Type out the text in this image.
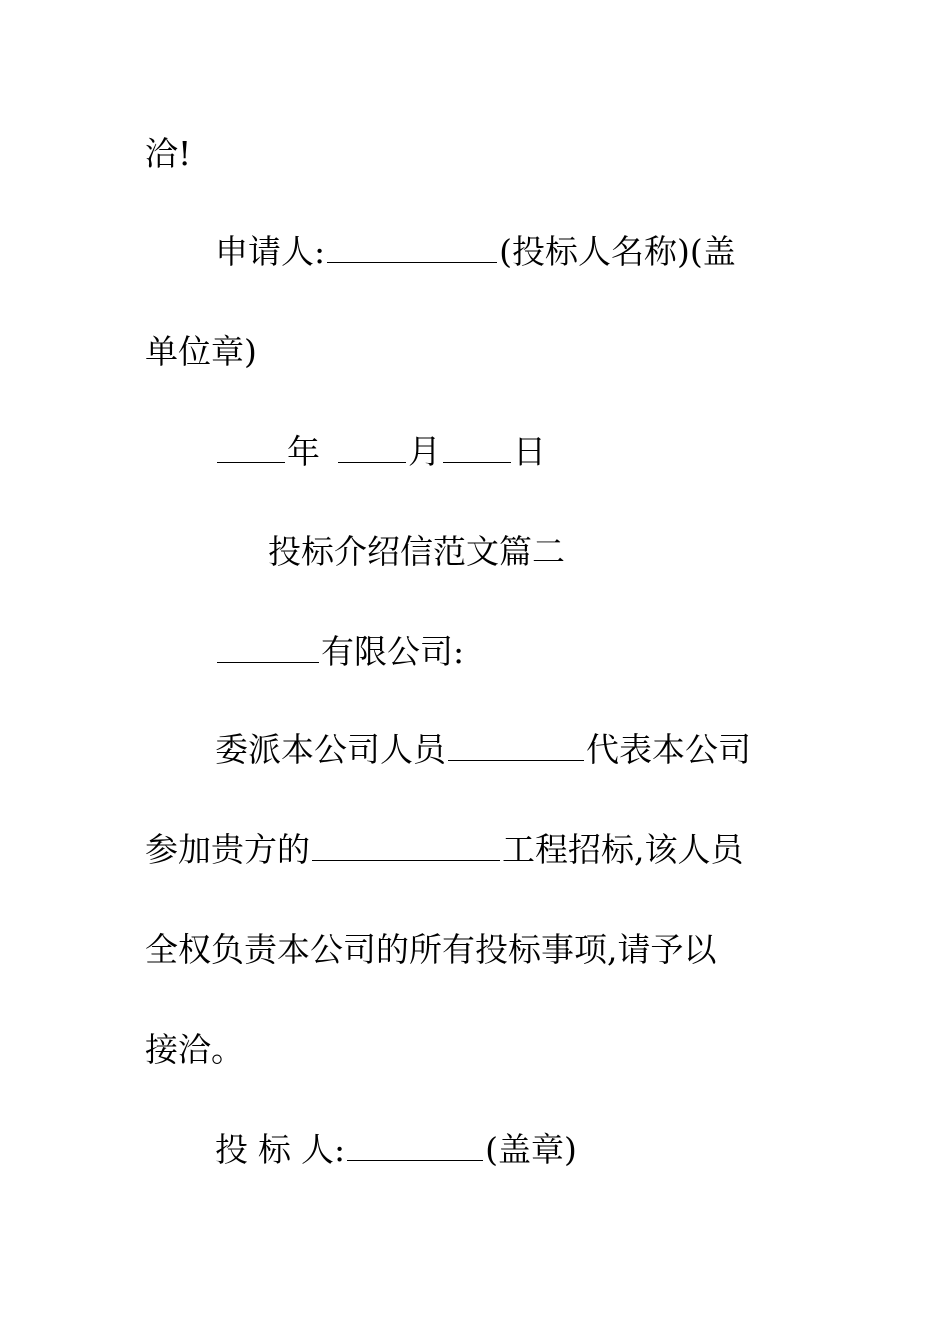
洽!
申请人:	(投标人名称)(盖
单位章)
年	月 日
投标介绍信范文篇二
有限公司:
委派本公司人员	代表本公司
参加贵方的	工程招标,该人员
全权负责本公司的所有投标事项,请予以
接洽。
投 标 人:	(盖章)
